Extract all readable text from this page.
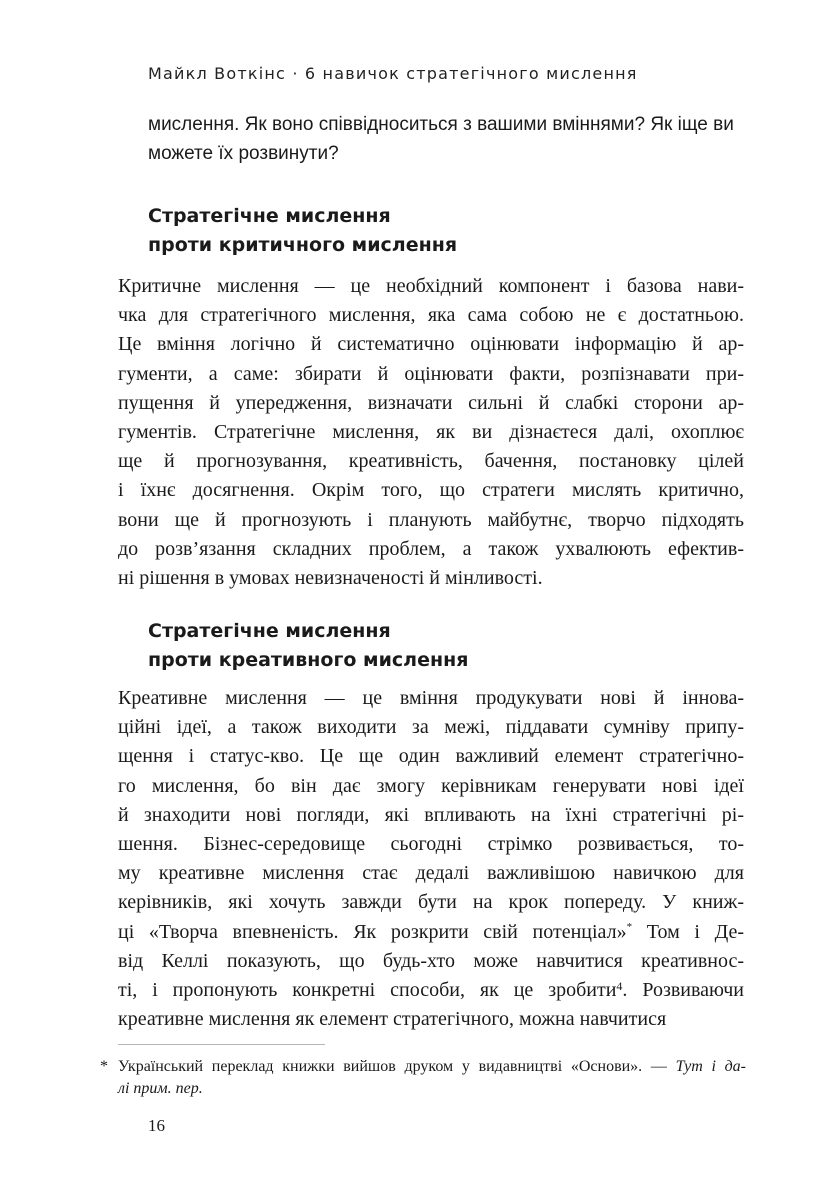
Майкл Воткінс · 6 навичок стратегічного мислення

мислення. Як воно співвідноситься з вашими вміннями? Як іще ви

можете їх розвинути?

Стратегічне мислення
проти критичного мислення
Критичне мислення — це необхідний компонент і базова нави-
чка для стратегічного мислення, яка сама собою не є достатньою.
Це вміння логічно й систематично оцінювати інформацію й ар-
гументи, а саме: збирати й оцінювати факти, розпізнавати при-
пущення й упередження, визначати сильні й слабкі сторони ар-
гументів. Стратегічне мислення, як ви дізнаєтеся далі, охоплює
ще й прогнозування, креативність, бачення, постановку цілей
і їхнє досягнення. Окрім того, що стратеги мислять критично,
вони ще й прогнозують і планують майбутнє, творчо підходять
до розв’язання складних проблем, а також ухвалюють ефектив-
ні рішення в умовах невизначеності й мінливості.
Стратегічне мислення
проти креативного мислення
Креативне мислення — це вміння продукувати нові й іннова-
ційні ідеї, а також виходити за межі, піддавати сумніву припу-
щення і статус-кво. Це ще один важливий елемент стратегічно-
го мислення, бо він дає змогу керівникам генерувати нові ідеї
й знаходити нові погляди, які впливають на їхні стратегічні рі-
шення. Бізнес-середовище сьогодні стрімко розвивається, то-
му креативне мислення стає дедалі важливішою навичкою для
керівників, які хочуть завжди бути на крок попереду. У книж-
ці «Творча впевненість. Як розкрити свій потенціал»* Том і Де-
від Келлі показують, що будь-хто може навчитися креативнос-
ті, і пропонують конкретні способи, як це зробити$^4$. Розвиваючи
креативне мислення як елемент стратегічного, можна навчитися
* Український переклад книжки вийшов друком у видавництві «Основи». — Тут і да-
лі прим. пер.
16
